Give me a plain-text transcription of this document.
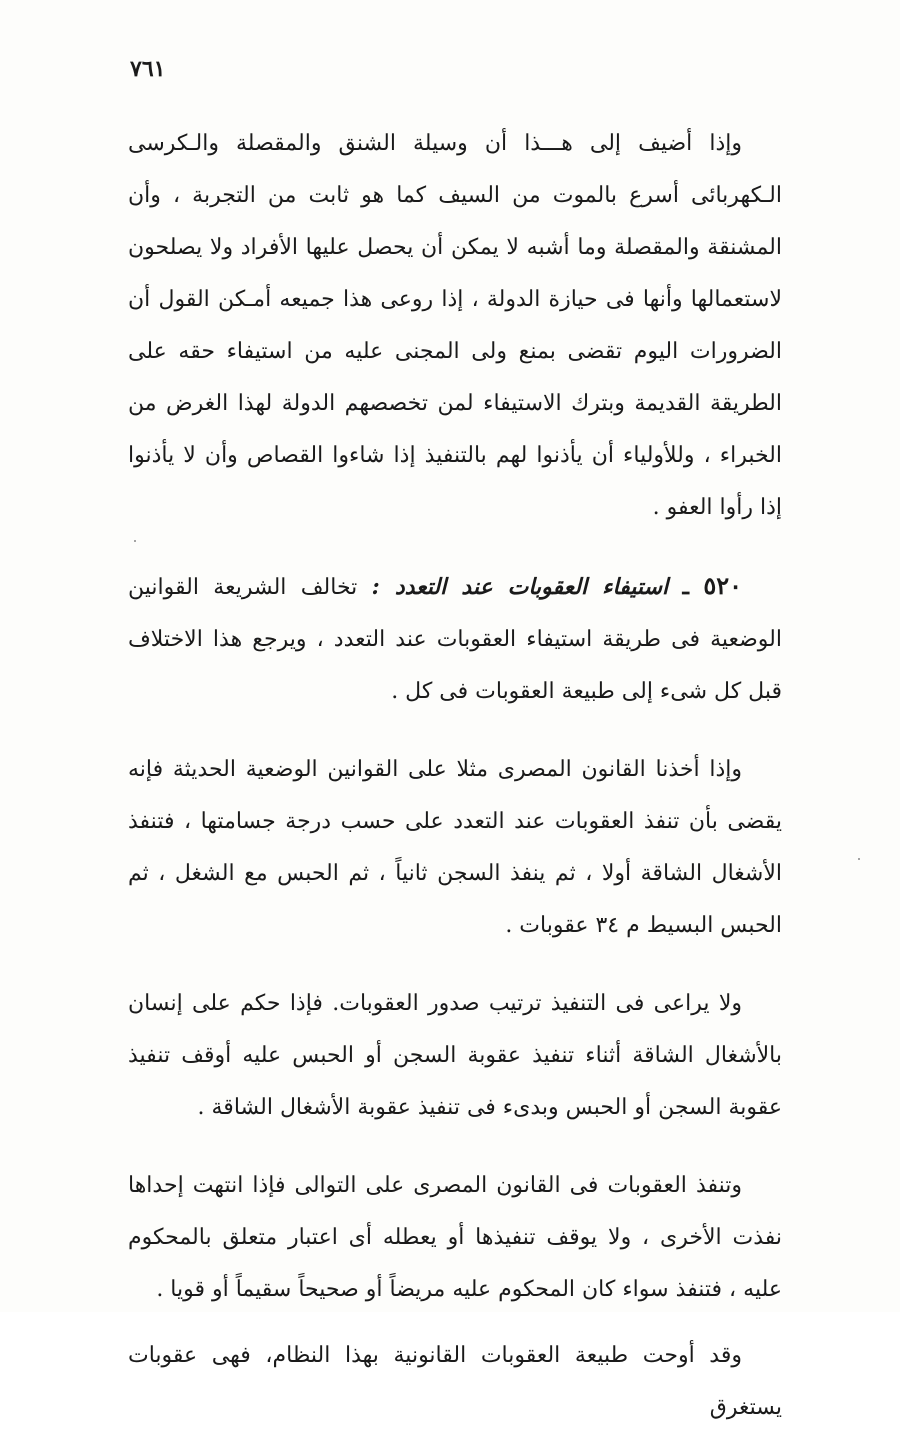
٧٦١

وإذا أضيف إلى هـــذا أن وسيلة الشنق والمقصلة والـكرسى الـكهربائى أسرع بالموت من السيف كما هو ثابت من التجربة ، وأن المشنقة والمقصلة وما أشبه لا يمكن أن يحصل عليها الأفراد ولا يصلحون لاستعمالها وأنها فى حيازة الدولة ، إذا روعى هذا جميعه أمـكن القول أن الضرورات اليوم تقضى بمنع ولى المجنى عليه من استيفاء حقه على الطريقة القديمة وبترك الاستيفاء لمن تخصصهم الدولة لهذا الغرض من الخبراء ، وللأولياء أن يأذنوا لهم بالتنفيذ إذا شاءوا القصاص وأن لا يأذنوا إذا رأوا العفو .

٥٢٠ ـ استيفاء العقوبات عند التعدد : تخالف الشريعة القوانين الوضعية فى طريقة استيفاء العقوبات عند التعدد ، ويرجع هذا الاختلاف قبل كل شىء إلى طبيعة العقوبات فى كل .

وإذا أخذنا القانون المصرى مثلا على القوانين الوضعية الحديثة فإنه يقضى بأن تنفذ العقوبات عند التعدد على حسب درجة جسامتها ، فتنفذ الأشغال الشاقة أولا ، ثم ينفذ السجن ثانياً ، ثم الحبس مع الشغل ، ثم الحبس البسيط م ٣٤ عقوبات .

ولا يراعى فى التنفيذ ترتيب صدور العقوبات. فإذا حكم على إنسان بالأشغال الشاقة أثناء تنفيذ عقوبة السجن أو الحبس عليه أوقف تنفيذ عقوبة السجن أو الحبس وبدىء فى تنفيذ عقوبة الأشغال الشاقة .

وتنفذ العقوبات فى القانون المصرى على التوالى فإذا انتهت إحداها نفذت الأخرى ، ولا يوقف تنفيذها أو يعطله أى اعتبار متعلق بالمحكوم عليه ، فتنفذ سواء كان المحكوم عليه مريضاً أو صحيحاً سقيماً أو قويا .

وقد أوحت طبيعة العقوبات القانونية بهذا النظام، فهى عقوبات يستغرق
